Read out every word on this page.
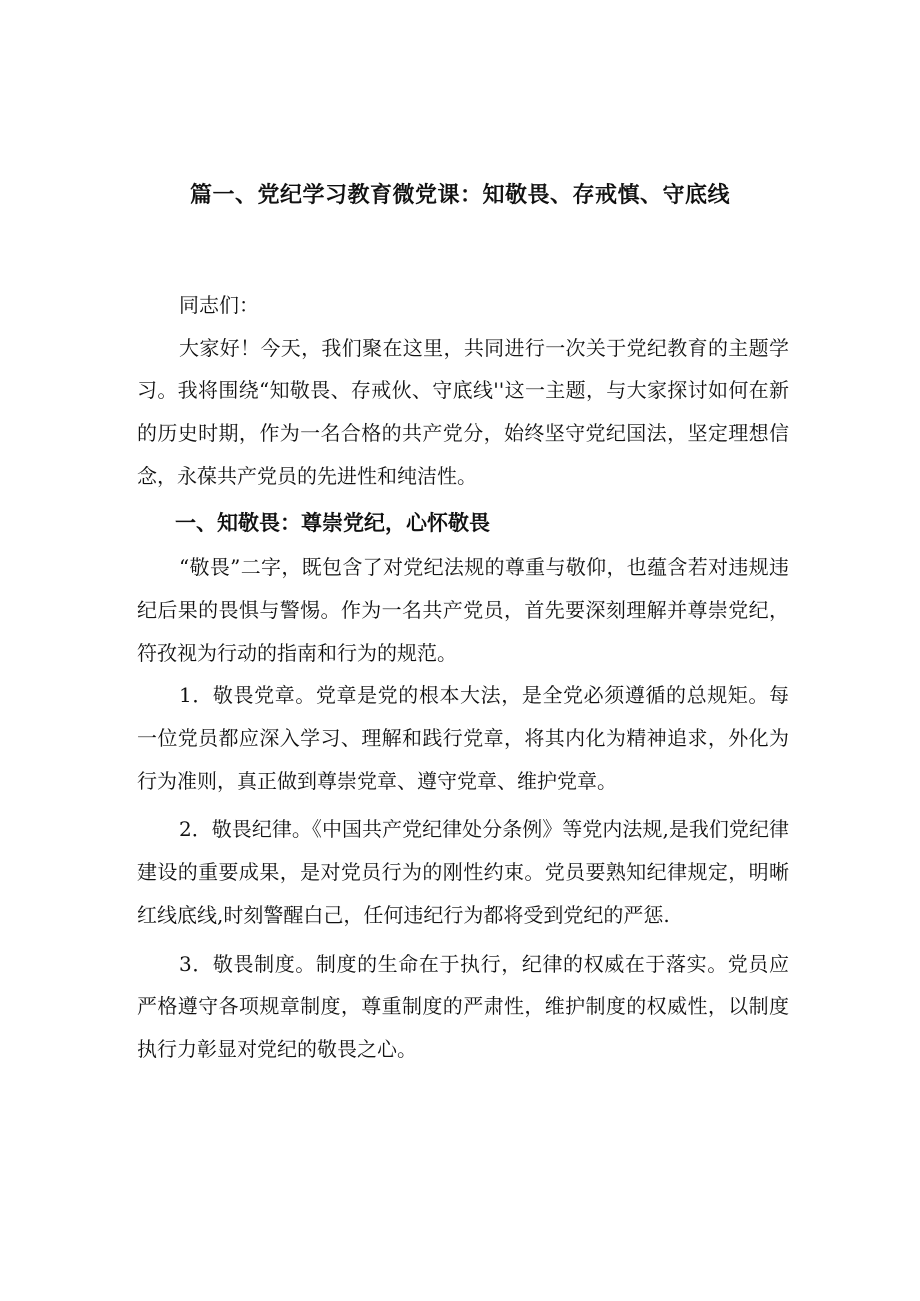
篇一、党纪学习教育微党课：知敬畏、存戒慎、守底线

同志们：

大家好！今天，我们聚在这里，共同进行一次关于党纪教育的主题学习。我将围绕“知敬畏、存戒伙、守底线''这一主题，与大家探讨如何在新的历史时期，作为一名合格的共产党分，始终坚守党纪国法，坚定理想信念，永葆共产党员的先进性和纯洁性。

一、知敬畏：尊崇党纪，心怀敬畏

“敬畏”二字，既包含了对党纪法规的尊重与敬仰，也蕴含若对违规违纪后果的畏惧与警惕。作为一名共产党员，首先要深刻理解并尊崇党纪，符孜视为行动的指南和行为的规范。

1．敬畏党章。党章是党的根本大法，是全党必须遵循的总规矩。每一位党员都应深入学习、理解和践行党章，将其内化为精神追求，外化为行为准则，真正做到尊崇党章、遵守党章、维护党章。

2．敬畏纪律。《中国共产党纪律处分条例》等党内法规,是我们党纪律建设的重要成果，是对党员行为的刚性约束。党员要熟知纪律规定，明晰红线底线,时刻警醒白己，任何违纪行为都将受到党纪的严惩.

3．敬畏制度。制度的生命在于执行，纪律的权威在于落实。党员应严格遵守各项规章制度，尊重制度的严肃性，维护制度的权威性，以制度执行力彰显对党纪的敬畏之心。
